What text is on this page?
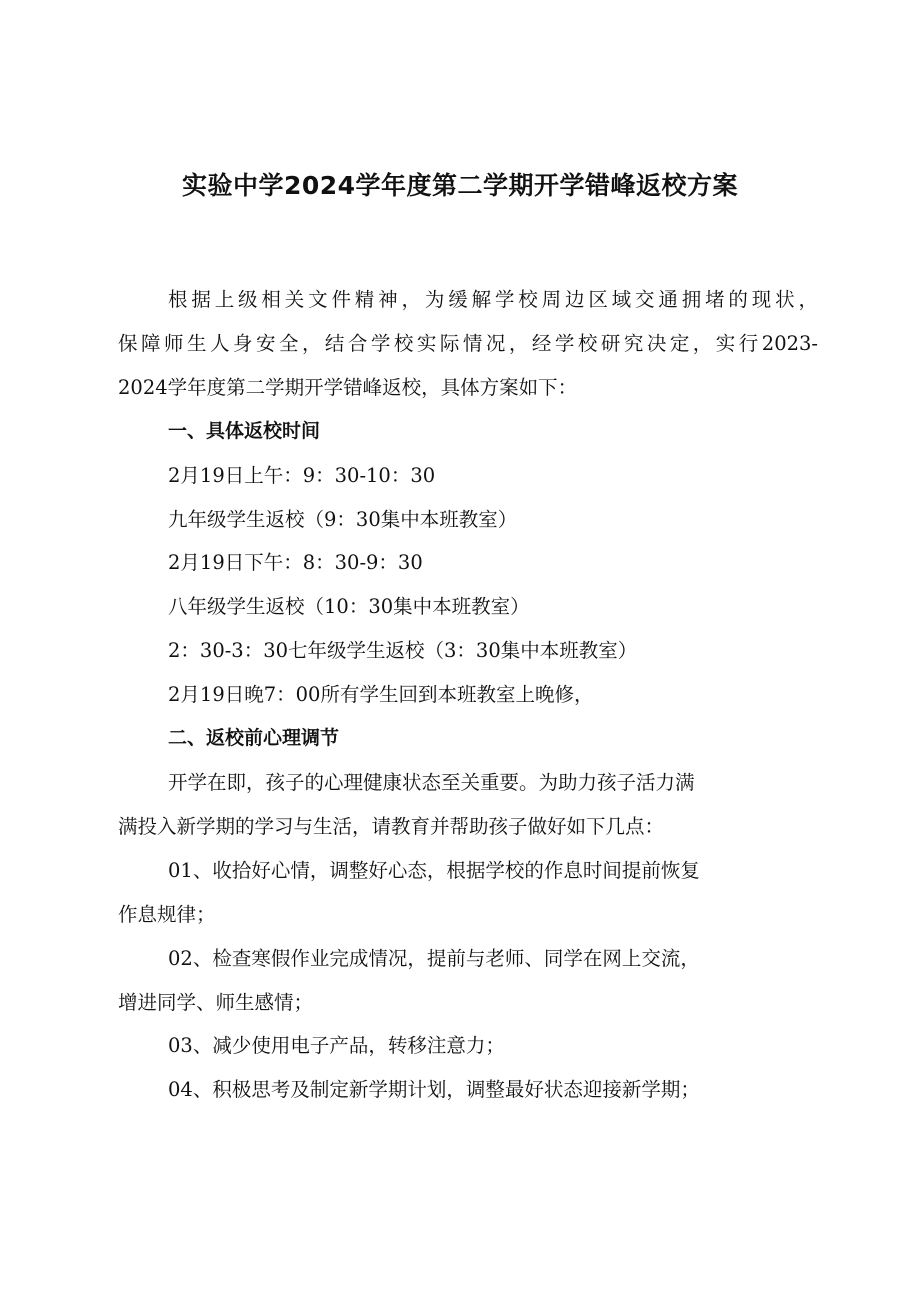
实验中学2024学年度第二学期开学错峰返校方案

根据上级相关文件精神，为缓解学校周边区域交通拥堵的现状，

保障师生人身安全，结合学校实际情况，经学校研究决定，实行2023-

2024学年度第二学期开学错峰返校，具体方案如下：

一、具体返校时间

2月19日上午：9：30-10：30

九年级学生返校（9：30集中本班教室）

2月19日下午：8：30-9：30

八年级学生返校（10：30集中本班教室）

2：30-3：30七年级学生返校（3：30集中本班教室）

2月19日晚7：00所有学生回到本班教室上晚修，

二、返校前心理调节

开学在即，孩子的心理健康状态至关重要。为助力孩子活力满

满投入新学期的学习与生活，请教育并帮助孩子做好如下几点：

01、收拾好心情，调整好心态，根据学校的作息时间提前恢复

作息规律；

02、检查寒假作业完成情况，提前与老师、同学在网上交流，

增进同学、师生感情；

03、减少使用电子产品，转移注意力；

04、积极思考及制定新学期计划，调整最好状态迎接新学期；
